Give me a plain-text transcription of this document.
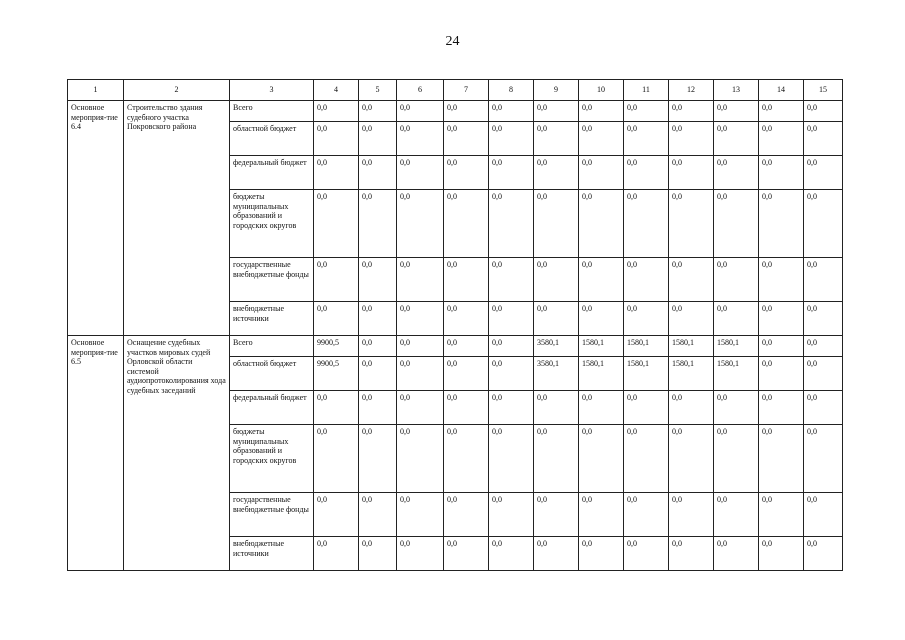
24
1	2	3	4	5	6	7	8	9	10	11	12	13	14	15
Основное мероприя-тие 6.4	Строительство здания судебного участка Покровского района	Всего	0,0	0,0	0,0	0,0	0,0	0,0	0,0	0,0	0,0	0,0	0,0	0,0
		областной бюджет	0,0	0,0	0,0	0,0	0,0	0,0	0,0	0,0	0,0	0,0	0,0	0,0
		федеральный бюджет	0,0	0,0	0,0	0,0	0,0	0,0	0,0	0,0	0,0	0,0	0,0	0,0
		бюджеты муниципальных образований и городских округов	0,0	0,0	0,0	0,0	0,0	0,0	0,0	0,0	0,0	0,0	0,0	0,0
		государственные внебюджетные фонды	0,0	0,0	0,0	0,0	0,0	0,0	0,0	0,0	0,0	0,0	0,0	0,0
		внебюджетные источники	0,0	0,0	0,0	0,0	0,0	0,0	0,0	0,0	0,0	0,0	0,0	0,0
Основное мероприя-тие 6.5	Оснащение судебных участков мировых судей Орловской области системой аудиопротоколирования хода судебных заседаний	Всего	9900,5	0,0	0,0	0,0	0,0	3580,1	1580,1	1580,1	1580,1	1580,1	0,0	0,0
		областной бюджет	9900,5	0,0	0,0	0,0	0,0	3580,1	1580,1	1580,1	1580,1	1580,1	0,0	0,0
		федеральный бюджет	0,0	0,0	0,0	0,0	0,0	0,0	0,0	0,0	0,0	0,0	0,0	0,0
		бюджеты муниципальных образований и городских округов	0,0	0,0	0,0	0,0	0,0	0,0	0,0	0,0	0,0	0,0	0,0	0,0
		государственные внебюджетные фонды	0,0	0,0	0,0	0,0	0,0	0,0	0,0	0,0	0,0	0,0	0,0	0,0
		внебюджетные источники	0,0	0,0	0,0	0,0	0,0	0,0	0,0	0,0	0,0	0,0	0,0	0,0
